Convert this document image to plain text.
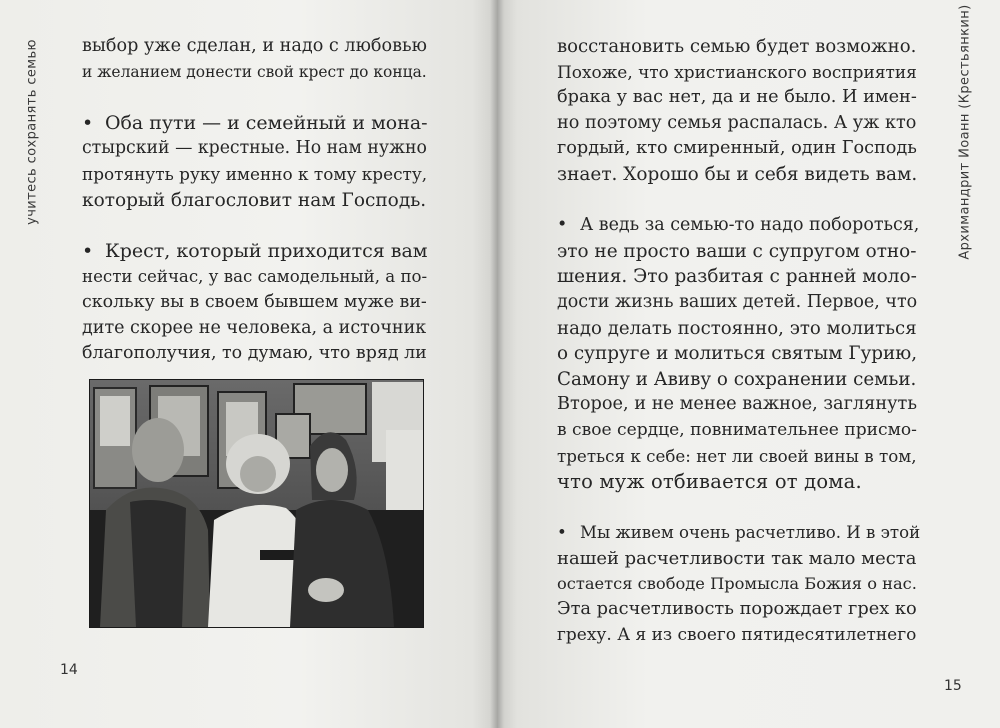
учитесь сохранять семью выбор уже сделан, и надо с любовью
и желанием донести свой крест до конца.
• Оба пути — и семейный и мона-
стырский — крестные. Но нам нужно
протянуть руку именно к тому кресту,
который благословит нам Господь.
• Крест, который приходится вам
нести сейчас, у вас самодельный, а по-
скольку вы в своем бывшем муже ви-
дите скорее не человека, а источник
благополучия, то думаю, что вряд ли
14
Архимандрит Иоанн (Крестьянкин)
15
восстановить семью будет возможно.
Похоже, что христианского восприятия
брака у вас нет, да и не было. И имен-
но поэтому семья распалась. А уж кто
гордый, кто смиренный, один Господь
знает. Хорошо бы и себя видеть вам.
• А ведь за семью-то надо побороться,
это не просто ваши с супругом отно-
шения. Это разбитая с ранней моло-
дости жизнь ваших детей. Первое, что
надо делать постоянно, это молиться
о супруге и молиться святым Гурию,
Самону и Авиву о сохранении семьи.
Второе, и не менее важное, заглянуть
в свое сердце, повнимательнее присмо-
треться к себе: нет ли своей вины в том,
что муж отбивается от дома.
• Мы живем очень расчетливо. И в этой
нашей расчетливости так мало места
остается свободе Промысла Божия о нас.
Эта расчетливость порождает грех ко
греху. А я из своего пятидесятилетнего
